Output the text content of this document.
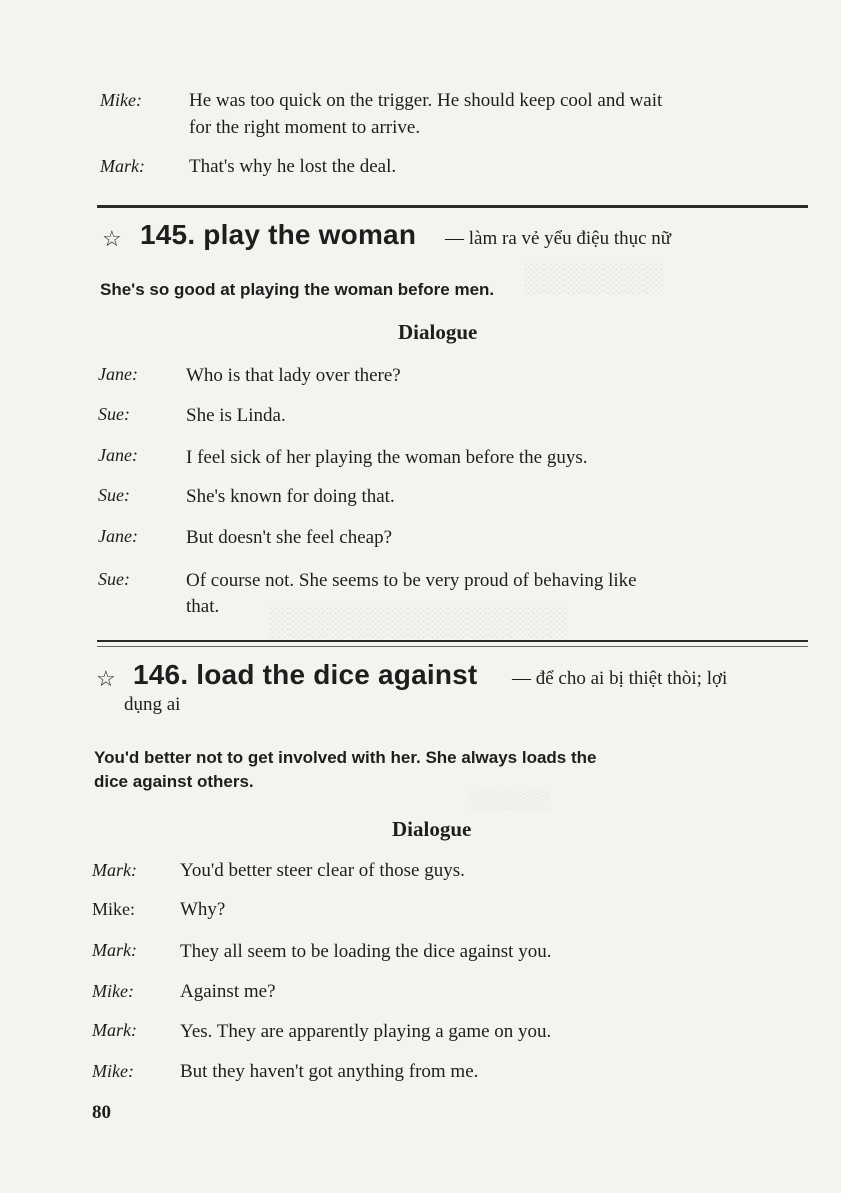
░░░░░░░
░░░░░░░░░░░░░░░
░░░░░░
Mike: He was too quick on the trigger. He should keep cool and wait
for the right moment to arrive.
Mark: That's why he lost the deal.
☆ 145. play the woman — làm ra vẻ yểu điệu thục nữ
She's so good at playing the woman before men.
Dialogue
Jane:	Who is that lady over there?
Sue:	She is Linda.
Jane:	I feel sick of her playing the woman before the guys.
Sue:	She's known for doing that.
Jane:	But doesn't she feel cheap?
Sue:	Of course not. She seems to be very proud of behaving like
that.
☆ 146. load the dice against — để cho ai bị thiệt thòi; lợi
dụng ai
You'd better not to get involved with her. She always loads the
dice against others.
Dialogue
Mark: You'd better steer clear of those guys.
Mike: Why?
Mark: They all seem to be loading the dice against you.
Mike: Against me?
Mark: Yes. They are apparently playing a game on you.
Mike: But they haven't got anything from me.
80
